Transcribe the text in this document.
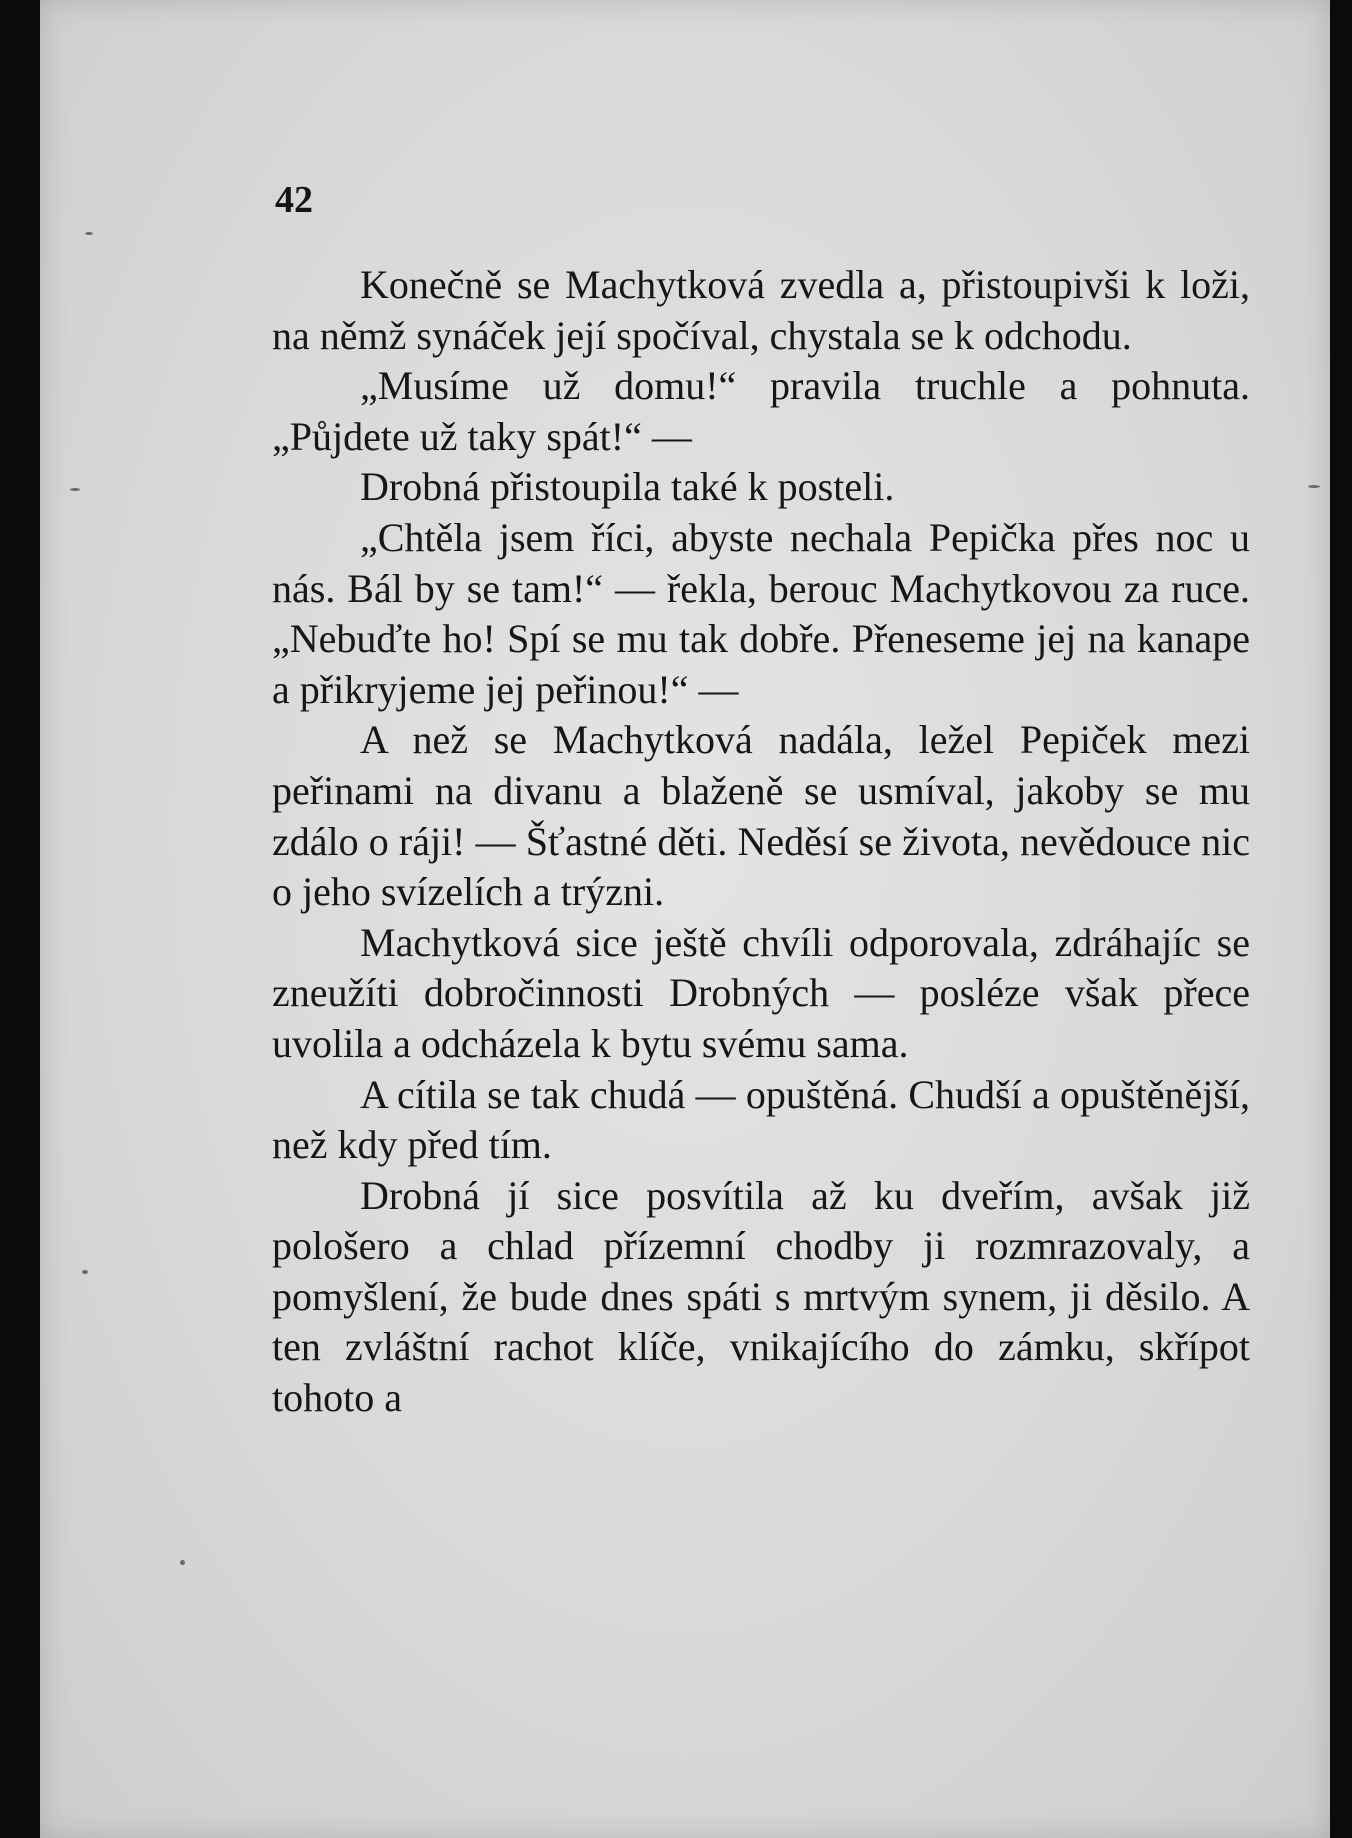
42

Konečně se Machytková zvedla a, přistoupivši k loži, na němž synáček její spočíval, chystala se k odchodu.

„Musíme už domu!“ pravila truchle a pohnuta. „Půjdete už taky spát!“ —

Drobná přistoupila také k posteli.

„Chtěla jsem říci, abyste nechala Pepička přes noc u nás. Bál by se tam!“ — řekla, berouc Machytkovou za ruce. „Nebuďte ho! Spí se mu tak dobře. Přeneseme jej na kanape a přikryjeme jej peřinou!“ —

A než se Machytková nadála, ležel Pepiček mezi peřinami na divanu a blaženě se usmíval, jakoby se mu zdálo o ráji! — Šťastné děti. Neděsí se života, nevědouce nic o jeho svízelích a trýzni.

Machytková sice ještě chvíli odporovala, zdráhajíc se zneužíti dobročinnosti Drobných — posléze však přece uvolila a odcházela k bytu svému sama.

A cítila se tak chudá — opuštěná. Chudší a opuštěnější, než kdy před tím.

Drobná jí sice posvítila až ku dveřím, avšak již pološero a chlad přízemní chodby ji rozmrazovaly, a pomyšlení, že bude dnes spáti s mrtvým synem, ji děsilo. A ten zvláštní rachot klíče, vnikajícího do zámku, skřípot tohoto a
